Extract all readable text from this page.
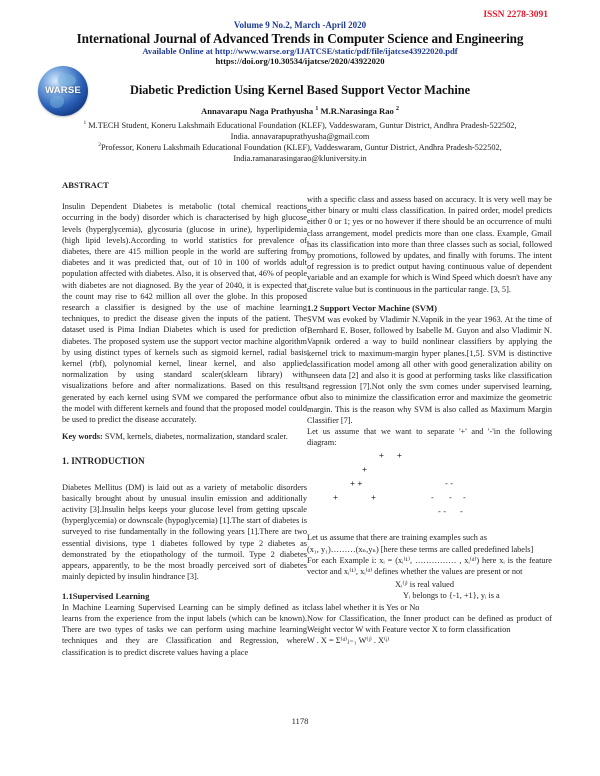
ISSN 2278-3091
Volume 9 No.2, March -April 2020
International Journal of Advanced Trends in Computer Science and Engineering
Available Online at http://www.warse.org/IJATCSE/static/pdf/file/ijatcse43922020.pdf
https://doi.org/10.30534/ijatcse/2020/43922020
WARSE	Diabetic Prediction Using Kernel Based Support Vector Machine
Annavarapu Naga Prathyusha $^1$ M.R.Narasinga Rao $^2$
$^1$ M.TECH Student, Koneru Lakshmaih Educational Foundation (KLEF), Vaddeswaram, Guntur District, Andhra Pradesh-522502, India. annavarapuprathyusha@gmail.com
$^2$Professor, Koneru Lakshmaih Educational Foundation (KLEF), Vaddeswaram, Guntur District, Andhra Pradesh-522502, India.ramanarasingarao@kluniversity.in
ABSTRACT

Insulin Dependent Diabetes is metabolic (total chemical reactions occurring in the body) disorder which is characterised by high glucose levels (hyperglycemia), glycosuria (glucose in urine), hyperlipidemia (high lipid levels).According to world statistics for prevalence of diabetes, there are 415 million people in the world are suffering from diabetes and it was predicted that, out of 10 in 100 of worlds adult population affected with diabetes. Also, it is observed that, 46% of people with diabetes are not diagnosed. By the year of 2040, it is expected that the count may rise to 642 million all over the globe. In this proposed research a classifier is designed by the use of machine learning techniques, to predict the disease given the inputs of the patient. The dataset used is Pima Indian Diabetes which is used for prediction of diabetes. The proposed system use the support vector machine algorithm by using distinct types of kernels such as sigmoid kernel, radial basis kernel (rbf), polynomial kernel, linear kernel, and also applied normalization by using standard scaler(sklearn library) with visualizations before and after normalizations. Based on this results generated by each kernel using SVM we compared the performance of the model with different kernels and found that the proposed model could be used to predict the disease accurately.

Key words: SVM, kernels, diabetes, normalization, standard scaler.

1. INTRODUCTION

Diabetes Mellitus (DM) is laid out as a variety of metabolic disorders basically brought about by unusual insulin emission and additionally activity [3].Insulin helps keeps your glucose level from getting upscale (hyperglycemia) or downscale (hypoglycemia) [1].The start of diabetes is surveyed to rise fundamentally in the following years [1].There are two essential divisions, type 1 diabetes followed by type 2 diabetes as demonstrated by the etiopathology of the turmoil. Type 2 diabetes appears, apparently, to be the most broadly perceived sort of diabetes mainly depicted by insulin hindrance [3].

1.1Supervised Learning

In Machine Learning Supervised Learning can be simply defined as it learns from the experience from the input labels (which can be known). There are two types of tasks we can perform using machine learning techniques and they are Classification and Regression, where classification is to predict discrete values having a place

with a specific class and assess based on accuracy. It is very well may be either binary or multi class classification. In paired order, model predicts either 0 or 1; yes or no however if there should be an occurrence of multi class arrangement, model predicts more than one class. Example, Gmail has its classification into more than three classes such as social, followed by promotions, followed by updates, and finally with forums. The intent of regression is to predict output having continuous value of dependent variable and an example for which is Wind Speed which doesn't have any discrete value but is continuous in the particular range. [3, 5].

1.2 Support Vector Machine (SVM)

SVM was evoked by Vladimir N.Vapnik in the year 1963. At the time of Bernhard E. Boser, followed by Isabelle M. Guyon and also Vladimir N. Vapnik ordered a way to build nonlinear classifiers by applying the kernel trick to maximum-margin hyper planes.[1,5]. SVM is distinctive classification model among all other with good generalization ability on unseen data [2] and also it is good at performing tasks like classification and regression [7].Not only the svm comes under supervised learning, but also to minimize the classification error and maximize the geometric margin. This is the reason why SVM is also called as Maximum Margin Classifier [7].

Let us assume that we want to separate '+' and '-'in the following diagram:

+ +
+
+ +
+	+
- -
- - -
- - -

Let us assume that there are training examples such as

(x₁, y₁)………(xₙ,yₙ) [here these terms are called predefined labels]

For each Example i: xᵢ = (xᵢ⁽¹⁾, …………… , xᵢ⁽ᵈ⁾) here xᵢ is the feature vector and xᵢ⁽¹⁾, xᵢ⁽ᵈ⁾ defines whether the values are present or not

Xᵢ⁽ʲ⁾ is real valued

Yᵢ belongs to {-1, +1}, yᵢ is a

class label whether it is Yes or No

Now for Classification, the Inner product can be defined as product of Weight vector W with Feature vector X to form classification

W . X = Σ⁽ᵈ⁾ⱼ₌₁ W⁽ʲ⁾ . X⁽ʲ⁾

1178
